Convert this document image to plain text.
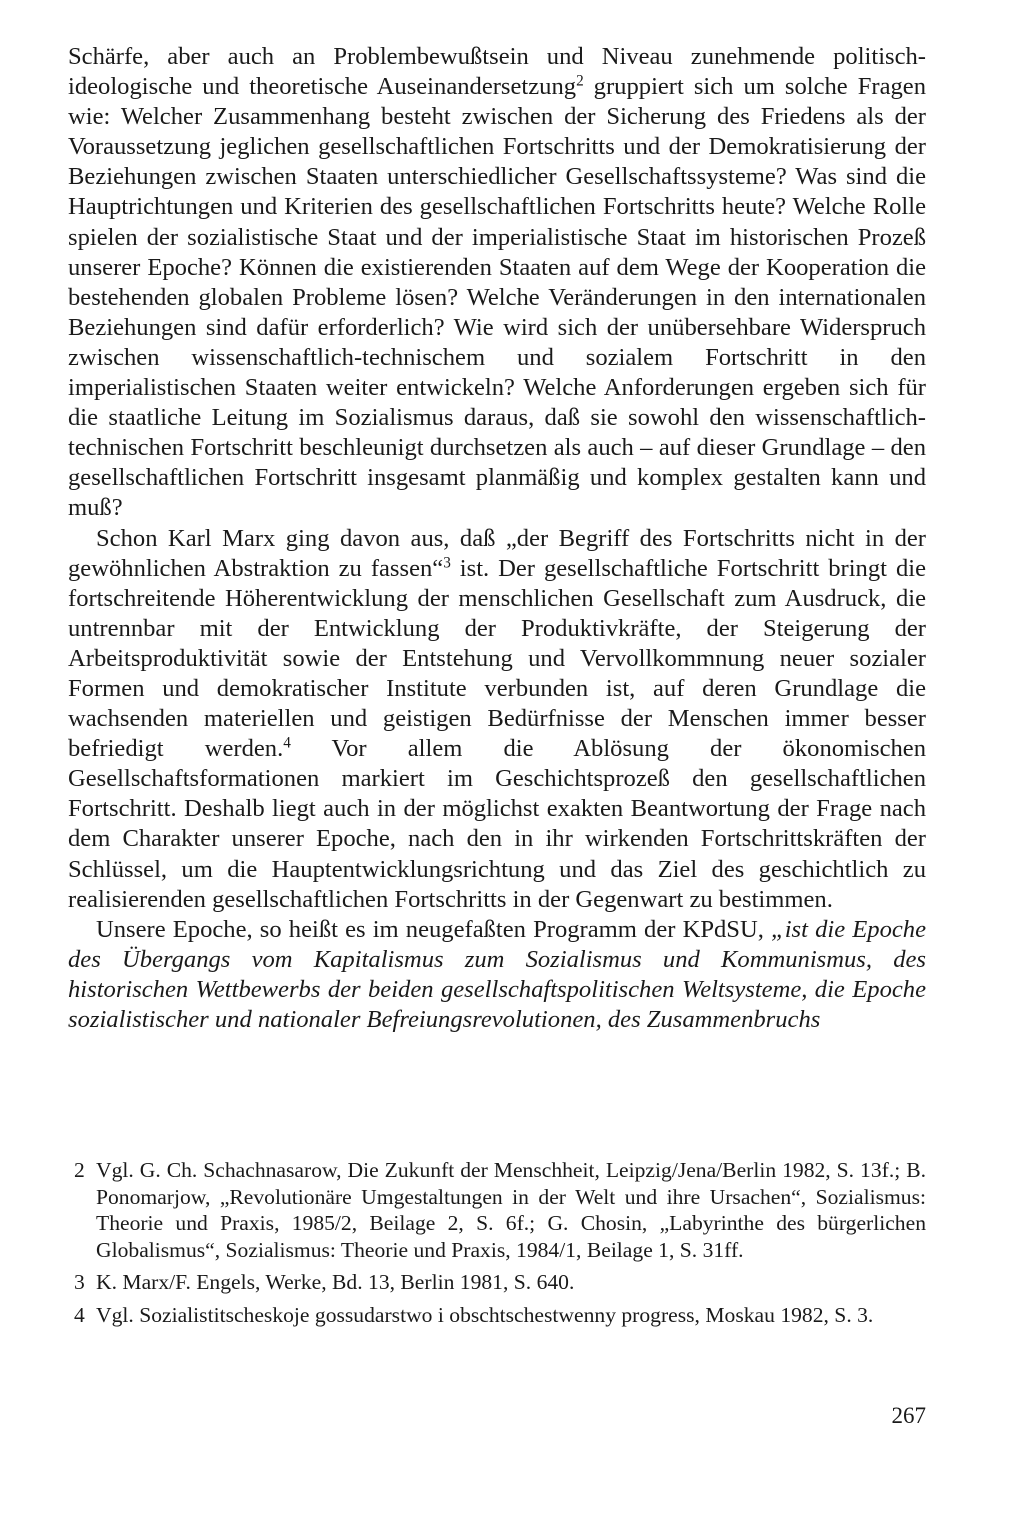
Schärfe, aber auch an Problembewußtsein und Niveau zunehmende politisch-ideologische und theoretische Auseinandersetzung$^2$ gruppiert sich um solche Fragen wie: Welcher Zusammenhang besteht zwischen der Sicherung des Friedens als der Voraussetzung jeglichen gesellschaftlichen Fortschritts und der Demokratisierung der Beziehungen zwischen Staaten unterschiedlicher Gesellschaftssysteme? Was sind die Hauptrichtungen und Kriterien des gesellschaftlichen Fortschritts heute? Welche Rolle spielen der sozialistische Staat und der imperialistische Staat im historischen Prozeß unserer Epoche? Können die existierenden Staaten auf dem Wege der Kooperation die bestehenden globalen Probleme lösen? Welche Veränderungen in den internationalen Beziehungen sind dafür erforderlich? Wie wird sich der unübersehbare Widerspruch zwischen wissenschaftlich-technischem und sozialem Fortschritt in den imperialistischen Staaten weiter entwickeln? Welche Anforderungen ergeben sich für die staatliche Leitung im Sozialismus daraus, daß sie sowohl den wissenschaftlich-technischen Fortschritt beschleunigt durchsetzen als auch – auf dieser Grundlage – den gesellschaftlichen Fortschritt insgesamt planmäßig und komplex gestalten kann und muß?

Schon Karl Marx ging davon aus, daß „der Begriff des Fortschritts nicht in der gewöhnlichen Abstraktion zu fassen“$^3$ ist. Der gesellschaftliche Fortschritt bringt die fortschreitende Höherentwicklung der menschlichen Gesellschaft zum Ausdruck, die untrennbar mit der Entwicklung der Produktivkräfte, der Steigerung der Arbeitsproduktivität sowie der Entstehung und Vervollkommnung neuer sozialer Formen und demokratischer Institute verbunden ist, auf deren Grundlage die wachsenden materiellen und geistigen Bedürfnisse der Menschen immer besser befriedigt werden.$^4$ Vor allem die Ablösung der ökonomischen Gesellschaftsformationen markiert im Geschichtsprozeß den gesellschaftlichen Fortschritt. Deshalb liegt auch in der möglichst exakten Beantwortung der Frage nach dem Charakter unserer Epoche, nach den in ihr wirkenden Fortschrittskräften der Schlüssel, um die Hauptentwicklungsrichtung und das Ziel des geschichtlich zu realisierenden gesellschaftlichen Fortschritts in der Gegenwart zu bestimmen.

Unsere Epoche, so heißt es im neugefaßten Programm der KPdSU, „ist die Epoche des Übergangs vom Kapitalismus zum Sozialismus und Kommunismus, des historischen Wettbewerbs der beiden gesellschaftspolitischen Weltsysteme, die Epoche sozialistischer und nationaler Befreiungsrevolutionen, des Zusammenbruchs

2 Vgl. G. Ch. Schachnasarow, Die Zukunft der Menschheit, Leipzig/Jena/Berlin 1982, S. 13f.; B. Ponomarjow, „Revolutionäre Umgestaltungen in der Welt und ihre Ursachen“, Sozialismus: Theorie und Praxis, 1985/2, Beilage 2, S. 6f.; G. Chosin, „Labyrinthe des bürgerlichen Globalismus“, Sozialismus: Theorie und Praxis, 1984/1, Beilage 1, S. 31ff.
3 K. Marx/F. Engels, Werke, Bd. 13, Berlin 1981, S. 640.
4 Vgl. Sozialistitscheskoje gossudarstwo i obschtschestwenny progress, Moskau 1982, S. 3.
267
